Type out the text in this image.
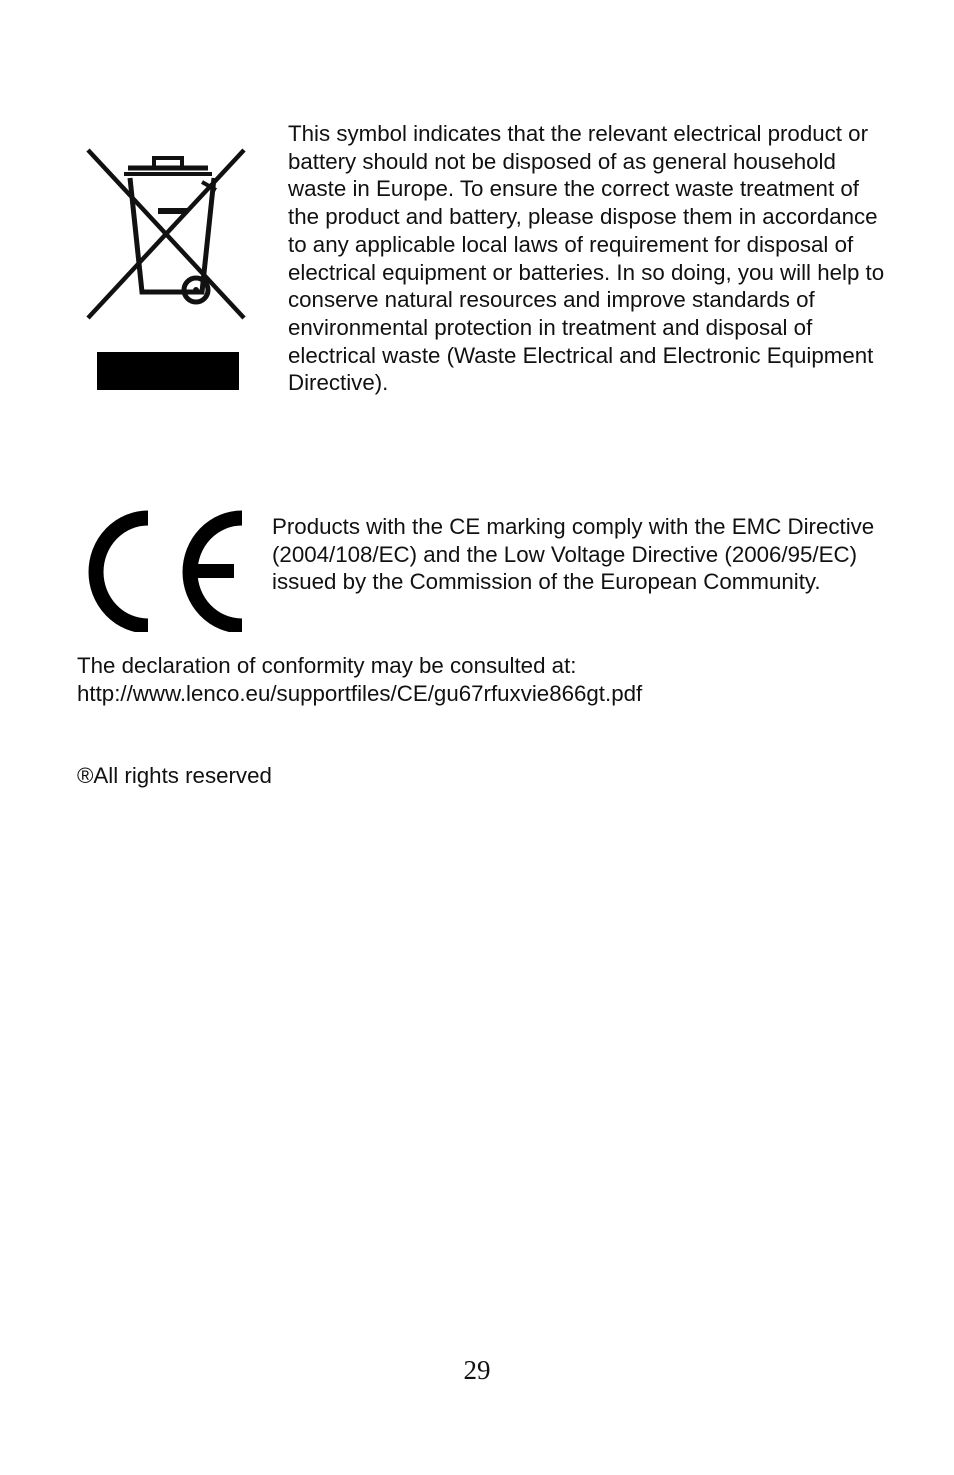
This symbol indicates that the relevant electrical product or battery should not be disposed of as general household waste in Europe. To ensure the correct waste treatment of the product and battery, please dispose them in accordance to any applicable local laws of requirement for disposal of electrical equipment or batteries. In so doing, you will help to conserve natural resources and improve standards of environmental protection in treatment and disposal of electrical waste (Waste Electrical and Electronic Equipment Directive).

Products with the CE marking comply with the EMC Directive (2004/108/EC) and the Low Voltage Directive (2006/95/EC) issued by the Commission of the European Community.

The declaration of conformity may be consulted at:
http://www.lenco.eu/supportfiles/CE/gu67rfuxvie866gt.pdf

®All rights reserved

29
